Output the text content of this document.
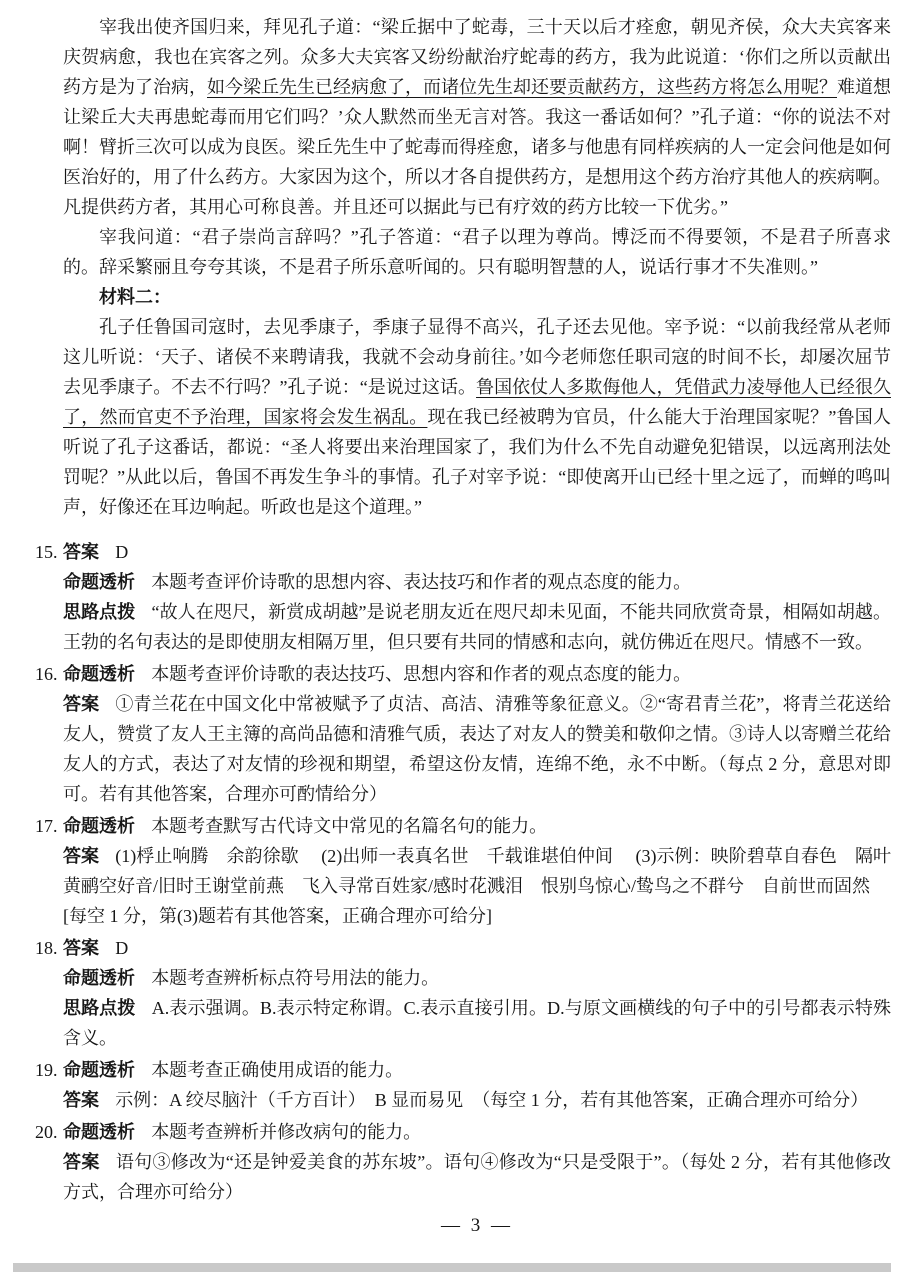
宰我出使齐国归来，拜见孔子道：“梁丘据中了蛇毒，三十天以后才痊愈，朝见齐侯，众大夫宾客来庆贺病愈，我也在宾客之列。众多大夫宾客又纷纷献治疗蛇毒的药方，我为此说道：‘你们之所以贡献出药方是为了治病，如今梁丘先生已经病愈了，而诸位先生却还要贡献药方，这些药方将怎么用呢？难道想让梁丘大夫再患蛇毒而用它们吗？’众人默然而坐无言对答。我这一番话如何？”孔子道：“你的说法不对啊！臂折三次可以成为良医。梁丘先生中了蛇毒而得痊愈，诸多与他患有同样疾病的人一定会问他是如何医治好的，用了什么药方。大家因为这个，所以才各自提供药方，是想用这个药方治疗其他人的疾病啊。凡提供药方者，其用心可称良善。并且还可以据此与已有疗效的药方比较一下优劣。”

宰我问道：“君子崇尚言辞吗？”孔子答道：“君子以理为尊尚。博泛而不得要领，不是君子所喜求的。辞采繁丽且夸夸其谈，不是君子所乐意听闻的。只有聪明智慧的人，说话行事才不失准则。”

材料二：

孔子任鲁国司寇时，去见季康子，季康子显得不高兴，孔子还去见他。宰予说：“以前我经常从老师这儿听说：‘天子、诸侯不来聘请我，我就不会动身前往。’如今老师您任职司寇的时间不长，却屡次屈节去见季康子。不去不行吗？”孔子说：“是说过这话。鲁国依仗人多欺侮他人，凭借武力凌辱他人已经很久了，然而官吏不予治理，国家将会发生祸乱。现在我已经被聘为官员，什么能大于治理国家呢？”鲁国人听说了孔子这番话，都说：“圣人将要出来治理国家了，我们为什么不先自动避免犯错误，以远离刑法处罚呢？”从此以后，鲁国不再发生争斗的事情。孔子对宰予说：“即使离开山已经十里之远了，而蝉的鸣叫声，好像还在耳边响起。听政也是这个道理。”

15. 答案 D

命题透析 本题考查评价诗歌的思想内容、表达技巧和作者的观点态度的能力。

思路点拨 “故人在咫尺，新赏成胡越”是说老朋友近在咫尺却未见面，不能共同欣赏奇景，相隔如胡越。王勃的名句表达的是即使朋友相隔万里，但只要有共同的情感和志向，就仿佛近在咫尺。情感不一致。

16. 命题透析 本题考查评价诗歌的表达技巧、思想内容和作者的观点态度的能力。

答案 ①青兰花在中国文化中常被赋予了贞洁、高洁、清雅等象征意义。②“寄君青兰花”，将青兰花送给友人，赞赏了友人王主簿的高尚品德和清雅气质，表达了对友人的赞美和敬仰之情。③诗人以寄赠兰花给友人的方式，表达了对友情的珍视和期望，希望这份友情，连绵不绝，永不中断。（每点 2 分，意思对即可。若有其他答案，合理亦可酌情给分）

17. 命题透析 本题考查默写古代诗文中常见的名篇名句的能力。

答案 (1)桴止响腾　余韵徐歇　 (2)出师一表真名世　千载谁堪伯仲间　 (3)示例：映阶碧草自春色　隔叶黄鹂空好音/旧时王谢堂前燕　飞入寻常百姓家/感时花溅泪　恨别鸟惊心/鸷鸟之不群兮　自前世而固然

[每空 1 分，第(3)题若有其他答案，正确合理亦可给分]

18. 答案 D

命题透析 本题考查辨析标点符号用法的能力。

思路点拨 A.表示强调。B.表示特定称谓。C.表示直接引用。D.与原文画横线的句子中的引号都表示特殊含义。

19. 命题透析 本题考查正确使用成语的能力。

答案 示例：A 绞尽脑汁（千方百计）　B 显而易见　（每空 1 分，若有其他答案，正确合理亦可给分）

20. 命题透析 本题考查辨析并修改病句的能力。

答案 语句③修改为“还是钟爱美食的苏东坡”。语句④修改为“只是受限于”。（每处 2 分，若有其他修改方式，合理亦可给分）

— 3 —
